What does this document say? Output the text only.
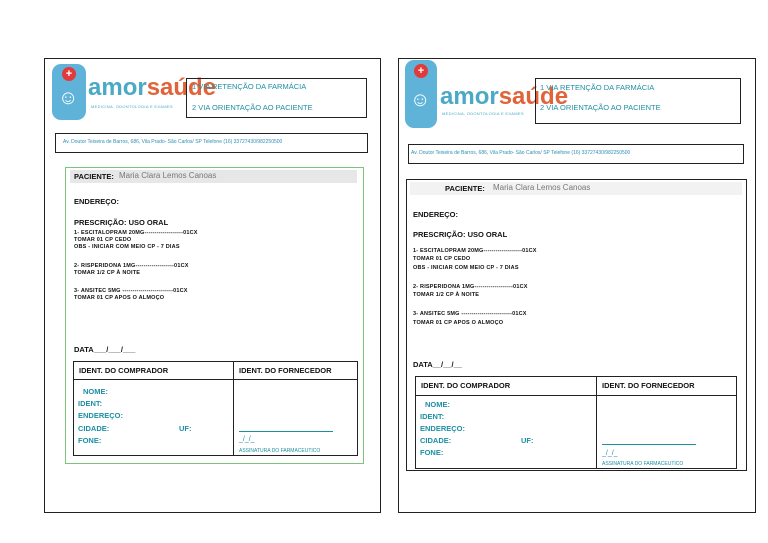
+
☺ amorsaúde
MEDICINA, ODONTOLOGIA E EXAMES
1 VIA RETENÇÃO DA FARMÁCIA
2 VIA ORIENTAÇÃO AO PACIENTE
Av. Doutor Teixeira de Barros, 686, Vila Prado- São Carlos/ SP Telefone (16) 33727430/982250500
PACIENTE: Maria Clara Lemos Canoas
ENDEREÇO:
PRESCRIÇÃO: USO ORAL
1- ESCITALOPRAM 20MG-------------------01CX
TOMAR 01 CP CEDO
OBS - INICIAR COM MEIO CP - 7 DIAS
2- RISPERIDONA 1MG-------------------01CX
TOMAR 1/2 CP À NOITE
3- ANSITEC 5MG -------------------------01CX
TOMAR 01 CP APOS O ALMOÇO
DATA___/___/___
IDENT. DO COMPRADOR	IDENT. DO FORNECEDOR
NOME:
IDENT:
ENDEREÇO:
CIDADE:	UF:
FONE:	_/_/_
ASSINATURA DO FARMACEUTICO
+
☺ amorsaúde
MEDICINA, ODONTOLOGIA E EXAMES
1 VIA RETENÇÃO DA FARMÁCIA
2 VIA ORIENTAÇÃO AO PACIENTE
Av. Doutor Teixeira de Barros, 686, Vila Prado- São Carlos/ SP Telefone (16) 33727430/982250500
PACIENTE: Maria Clara Lemos Canoas
ENDEREÇO:
PRESCRIÇÃO: USO ORAL
1- ESCITALOPRAM 20MG-------------------01CX
TOMAR 01 CP CEDO
OBS - INICIAR COM MEIO CP - 7 DIAS
2- RISPERIDONA 1MG-------------------01CX
TOMAR 1/2 CP À NOITE
3- ANSITEC 5MG -------------------------01CX
TOMAR 01 CP APOS O ALMOÇO
DATA__/__/__
IDENT. DO COMPRADOR	IDENT. DO FORNECEDOR
NOME:
IDENT:
ENDEREÇO:
CIDADE:	UF:
FONE:	_/_/_
ASSINATURA DO FARMACEUTICO
